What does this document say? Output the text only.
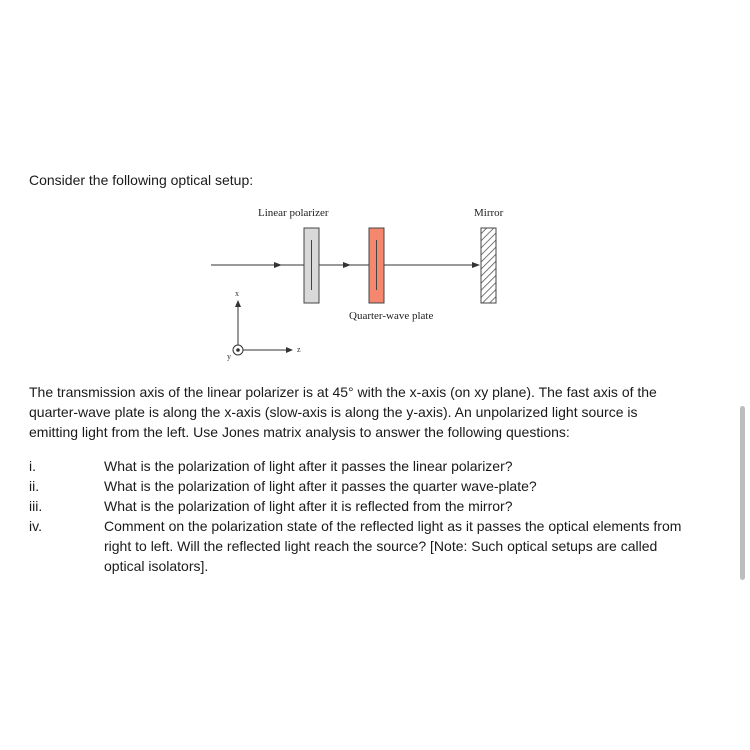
Consider the following optical setup:

Linear polarizer	Mirror
Quarter-wave plate
x
z
y

The transmission axis of the linear polarizer is at 45° with the x-axis (on xy plane). The fast axis of the quarter-wave plate is along the x-axis (slow-axis is along the y-axis). An unpolarized light source is emitting light from the left. Use Jones matrix analysis to answer the following questions:

i.	What is the polarization of light after it passes the linear polarizer?
ii.	What is the polarization of light after it passes the quarter wave-plate?
iii.	What is the polarization of light after it is reflected from the mirror?
iv.	Comment on the polarization state of the reflected light as it passes the optical elements from right to left. Will the reflected light reach the source? [Note: Such optical setups are called optical isolators].
